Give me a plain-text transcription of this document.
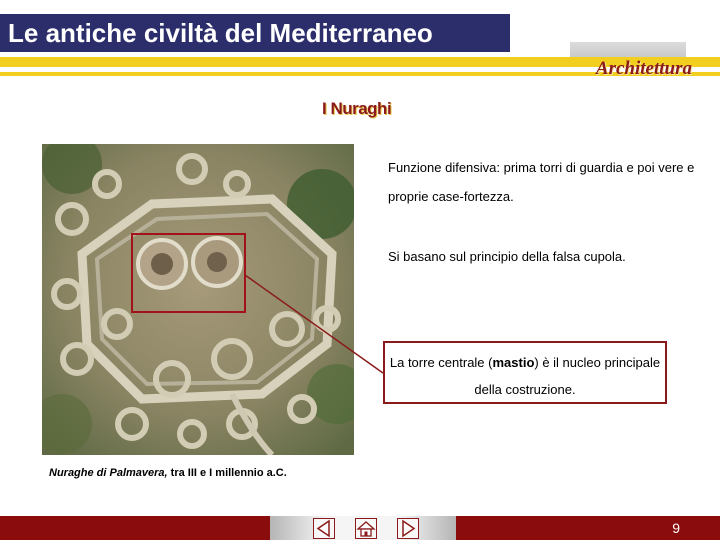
Le antiche civiltà del Mediterraneo
Architettura
I Nuraghi
Nuraghe di Palmavera, tra III e I millennio a.C.
Funzione difensiva: prima torri di guardia e poi vere e proprie case-fortezza.
Si basano sul principio della falsa cupola.
La torre centrale (mastio) è il nucleo principale della costruzione.
9
